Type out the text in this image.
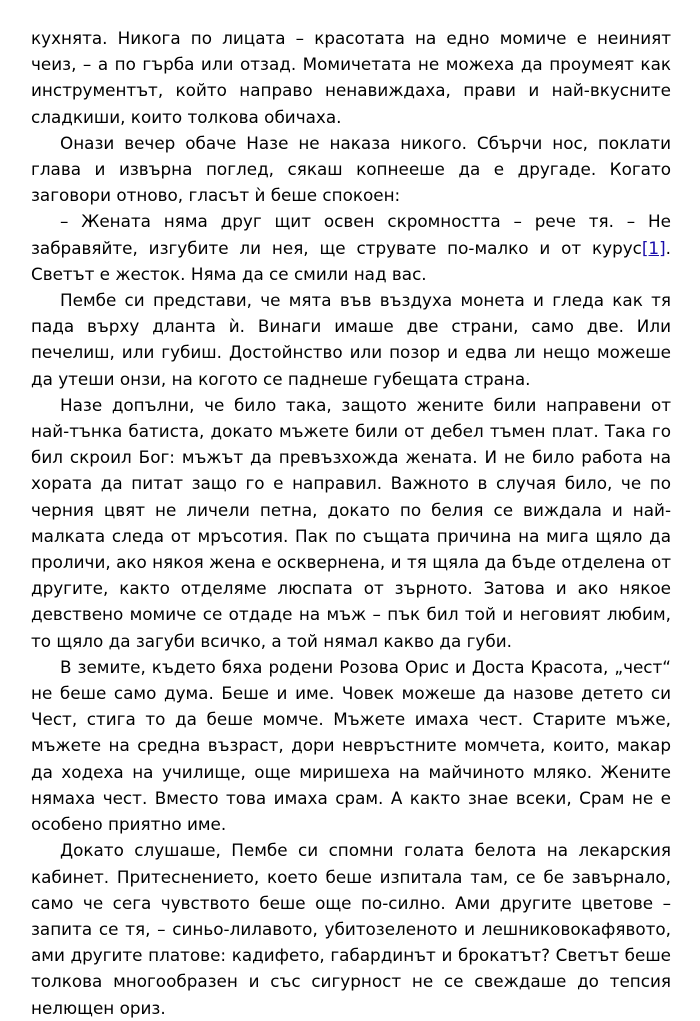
кухнята. Никога по лицата – красотата на едно момиче е неиният чеиз, – а по гърба или отзад. Момичетата не можеха да проумеят как инструментът, който направо ненавиждаха, прави и най-вкусните сладкиши, които толкова обичаха.

Онази вечер обаче Назе не наказа никого. Сбърчи нос, поклати глава и извърна поглед, сякаш копнееше да е другаде. Когато заговори отново, гласът ѝ беше спокоен:

– Жената няма друг щит освен скромността – рече тя. – Не забравяйте, изгубите ли нея, ще струвате по-малко и от курус[1]. Светът е жесток. Няма да се смили над вас.

Пембе си представи, че мята във въздуха монета и гледа как тя пада върху дланта ѝ. Винаги имаше две страни, само две. Или печелиш, или губиш. Достойнство или позор и едва ли нещо можеше да утеши онзи, на когото се паднеше губещата страна.

Назе допълни, че било така, защото жените били направени от най-тънка батиста, докато мъжете били от дебел тъмен плат. Така го бил скроил Бог: мъжът да превъзхожда жената. И не било работа на хората да питат защо го е направил. Важното в случая било, че по черния цвят не личели петна, докато по белия се виждала и най-малката следа от мръсотия. Пак по същата причина на мига щяло да проличи, ако някоя жена е осквернена, и тя щяла да бъде отделена от другите, както отделяме люспата от зърното. Затова и ако някое девствено момиче се отдаде на мъж – пък бил той и неговият любим, то щяло да загуби всичко, а той нямал какво да губи.

В земите, където бяха родени Розова Орис и Доста Красота, „чест“ не беше само дума. Беше и име. Човек можеше да назове детето си Чест, стига то да беше момче. Мъжете имаха чест. Старите мъже, мъжете на средна възраст, дори невръстните момчета, които, макар да ходеха на училище, още миришеха на майчиното мляко. Жените нямаха чест. Вместо това имаха срам. А както знае всеки, Срам не е особено приятно име.

Докато слушаше, Пембе си спомни голата белота на лекарския кабинет. Притеснението, което беше изпитала там, се бе завърнало, само че сега чувството беше още по-силно. Ами другите цветове – запита се тя, – синьо-лилавото, убитозеленото и лешниковокафявото, ами другите платове: кадифето, габардинът и брокатът? Светът беше толкова многообразен и със сигурност не се свеждаше до тепсия нелющен ориз.
